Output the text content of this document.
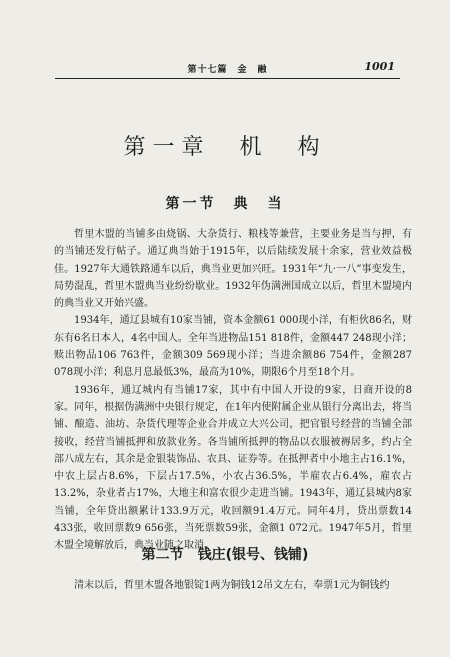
第十七篇　金　融	1001
第一章　机　构
第一节　典　当

哲里木盟的当铺多由烧锅、大杂货行、粮栈等兼营，主要业务是当与押，有的当铺还发行帖子。通辽典当始于1915年，以后陆续发展十余家，营业效益极佳。1927年大通铁路通车以后，典当业更加兴旺。1931年“九·一八”事变发生，局势混乱，哲里木盟典当业纷纷歇业。1932年伪满洲国成立以后，哲里木盟境内的典当业又开始兴盛。

1934年，通辽县城有10家当铺，资本金额61 000现小洋，有柜伙86名，财东有6名日本人，4名中国人。全年当进物品151 818件，金额447 248现小洋；赎出物品106 763件，金额309 569现小洋；当进余额86 754件，金额287 078现小洋；利息月息最低3%，最高为10%，期限6个月至18个月。

1936年，通辽城内有当铺17家，其中有中国人开设的9家，日商开设的8家。同年，根据伪满洲中央银行规定，在1年内使附属企业从银行分离出去，将当铺、酿造、油坊、杂货代理等企业合并成立大兴公司，把官银号经营的当铺全部接收，经营当铺抵押和放款业务。各当铺所抵押的物品以衣服被褥居多，约占全部八成左右，其余是金银装饰品、农具、证券等。在抵押者中小地主占16.1%，中农上层占8.6%，下层占17.5%，小农占36.5%，半雇农占6.4%，雇农占13.2%，杂业者占17%，大地主和富农很少走进当铺。1943年，通辽县城内8家当铺，全年贷出额累计133.9万元，收回额91.4万元。同年4月，贷出票数14 433张，收回票数9 656张，当死票数59张，金额1 072元。1947年5月，哲里木盟全境解放后，典当业随之取消。

第二节　钱庄(银号、钱铺)

清末以后，哲里木盟各地银锭1两为铜钱12吊文左右，奉票1元为铜钱约
